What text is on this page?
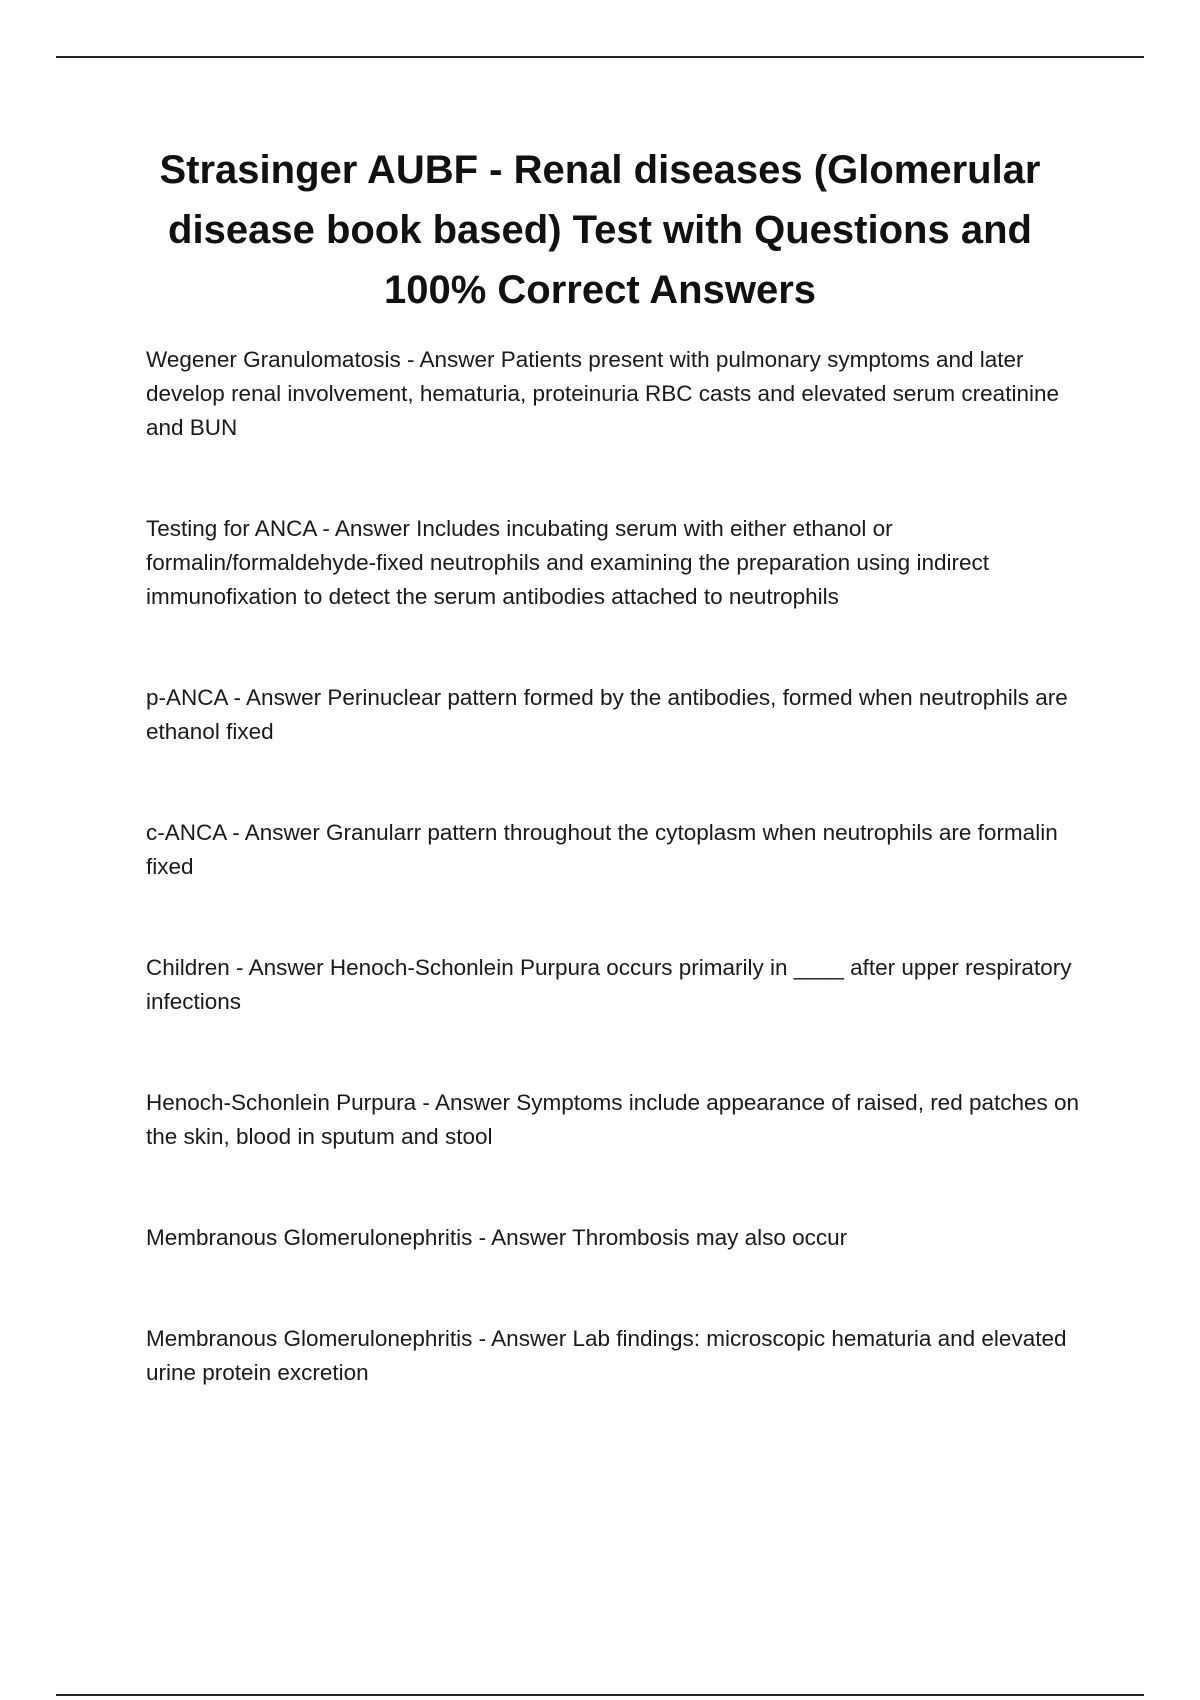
Strasinger AUBF - Renal diseases (Glomerular disease book based) Test with Questions and 100% Correct Answers
Wegener Granulomatosis - Answer Patients present with pulmonary symptoms and later develop renal involvement, hematuria, proteinuria RBC casts and elevated serum creatinine and BUN
Testing for ANCA - Answer Includes incubating serum with either ethanol or formalin/formaldehyde-fixed neutrophils and examining the preparation using indirect immunofixation to detect the serum antibodies attached to neutrophils
p-ANCA - Answer Perinuclear pattern formed by the antibodies, formed when neutrophils are ethanol fixed
c-ANCA - Answer Granularr pattern throughout the cytoplasm when neutrophils are formalin fixed
Children - Answer Henoch-Schonlein Purpura occurs primarily in ____ after upper respiratory infections
Henoch-Schonlein Purpura - Answer Symptoms include appearance of raised, red patches on the skin, blood in sputum and stool
Membranous Glomerulonephritis - Answer Thrombosis may also occur
Membranous Glomerulonephritis - Answer Lab findings: microscopic hematuria and elevated urine protein excretion
